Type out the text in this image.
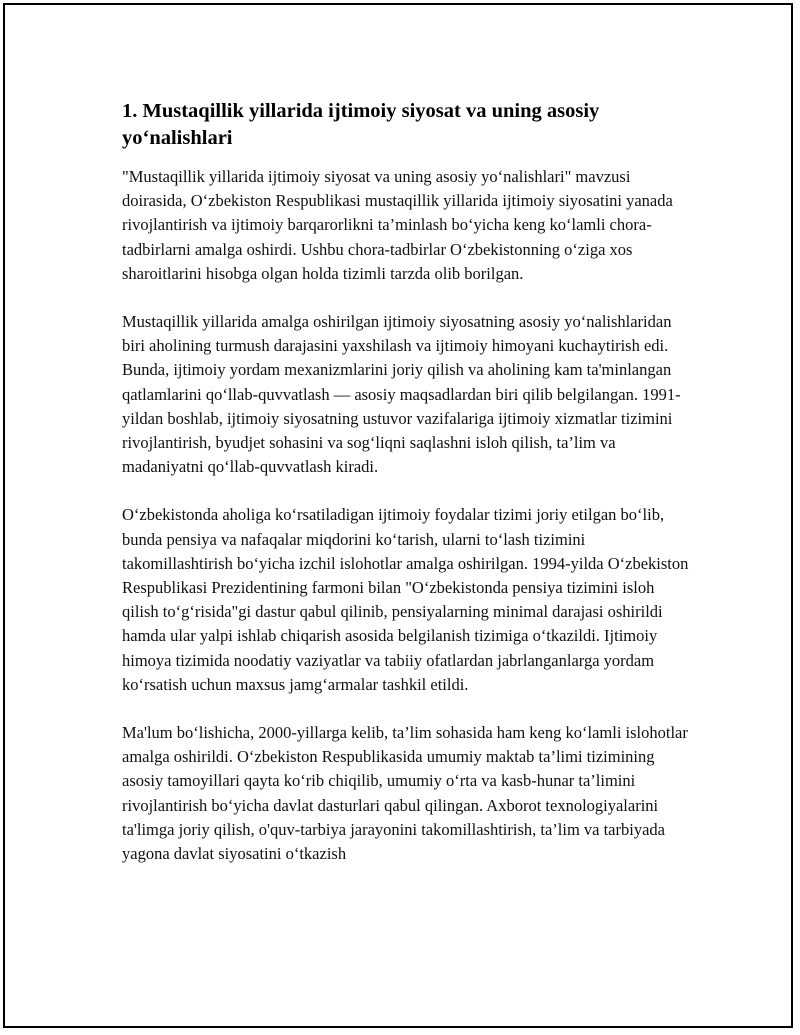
1. Mustaqillik yillarida ijtimoiy siyosat va uning asosiy yo‘nalishlari

"Mustaqillik yillarida ijtimoiy siyosat va uning asosiy yo‘nalishlari" mavzusi doirasida, O‘zbekiston Respublikasi mustaqillik yillarida ijtimoiy siyosatini yanada rivojlantirish va ijtimoiy barqarorlikni ta’minlash bo‘yicha keng ko‘lamli chora-tadbirlarni amalga oshirdi. Ushbu chora-tadbirlar O‘zbekistonning o‘ziga xos sharoitlarini hisobga olgan holda tizimli tarzda olib borilgan.

Mustaqillik yillarida amalga oshirilgan ijtimoiy siyosatning asosiy yo‘nalishlaridan biri aholining turmush darajasini yaxshilash va ijtimoiy himoyani kuchaytirish edi. Bunda, ijtimoiy yordam mexanizmlarini joriy qilish va aholining kam ta'minlangan qatlamlarini qo‘llab-quvvatlash — asosiy maqsadlardan biri qilib belgilangan. 1991-yildan boshlab, ijtimoiy siyosatning ustuvor vazifalariga ijtimoiy xizmatlar tizimini rivojlantirish, byudjet sohasini va sog‘liqni saqlashni isloh qilish, ta’lim va madaniyatni qo‘llab-quvvatlash kiradi.

O‘zbekistonda aholiga ko‘rsatiladigan ijtimoiy foydalar tizimi joriy etilgan bo‘lib, bunda pensiya va nafaqalar miqdorini ko‘tarish, ularni to‘lash tizimini takomillashtirish bo‘yicha izchil islohotlar amalga oshirilgan. 1994-yilda O‘zbekiston Respublikasi Prezidentining farmoni bilan "O‘zbekistonda pensiya tizimini isloh qilish to‘g‘risida"gi dastur qabul qilinib, pensiyalarning minimal darajasi oshirildi hamda ular yalpi ishlab chiqarish asosida belgilanish tizimiga o‘tkazildi. Ijtimoiy himoya tizimida noodatiy vaziyatlar va tabiiy ofatlardan jabrlanganlarga yordam ko‘rsatish uchun maxsus jamg‘armalar tashkil etildi.

Ma'lum bo‘lishicha, 2000-yillarga kelib, ta’lim sohasida ham keng ko‘lamli islohotlar amalga oshirildi. O‘zbekiston Respublikasida umumiy maktab ta’limi tizimining asosiy tamoyillari qayta ko‘rib chiqilib, umumiy o‘rta va kasb-hunar ta’limini rivojlantirish bo‘yicha davlat dasturlari qabul qilingan. Axborot texnologiyalarini ta'limga joriy qilish, o'quv-tarbiya jarayonini takomillashtirish, ta’lim va tarbiyada yagona davlat siyosatini o‘tkazish
